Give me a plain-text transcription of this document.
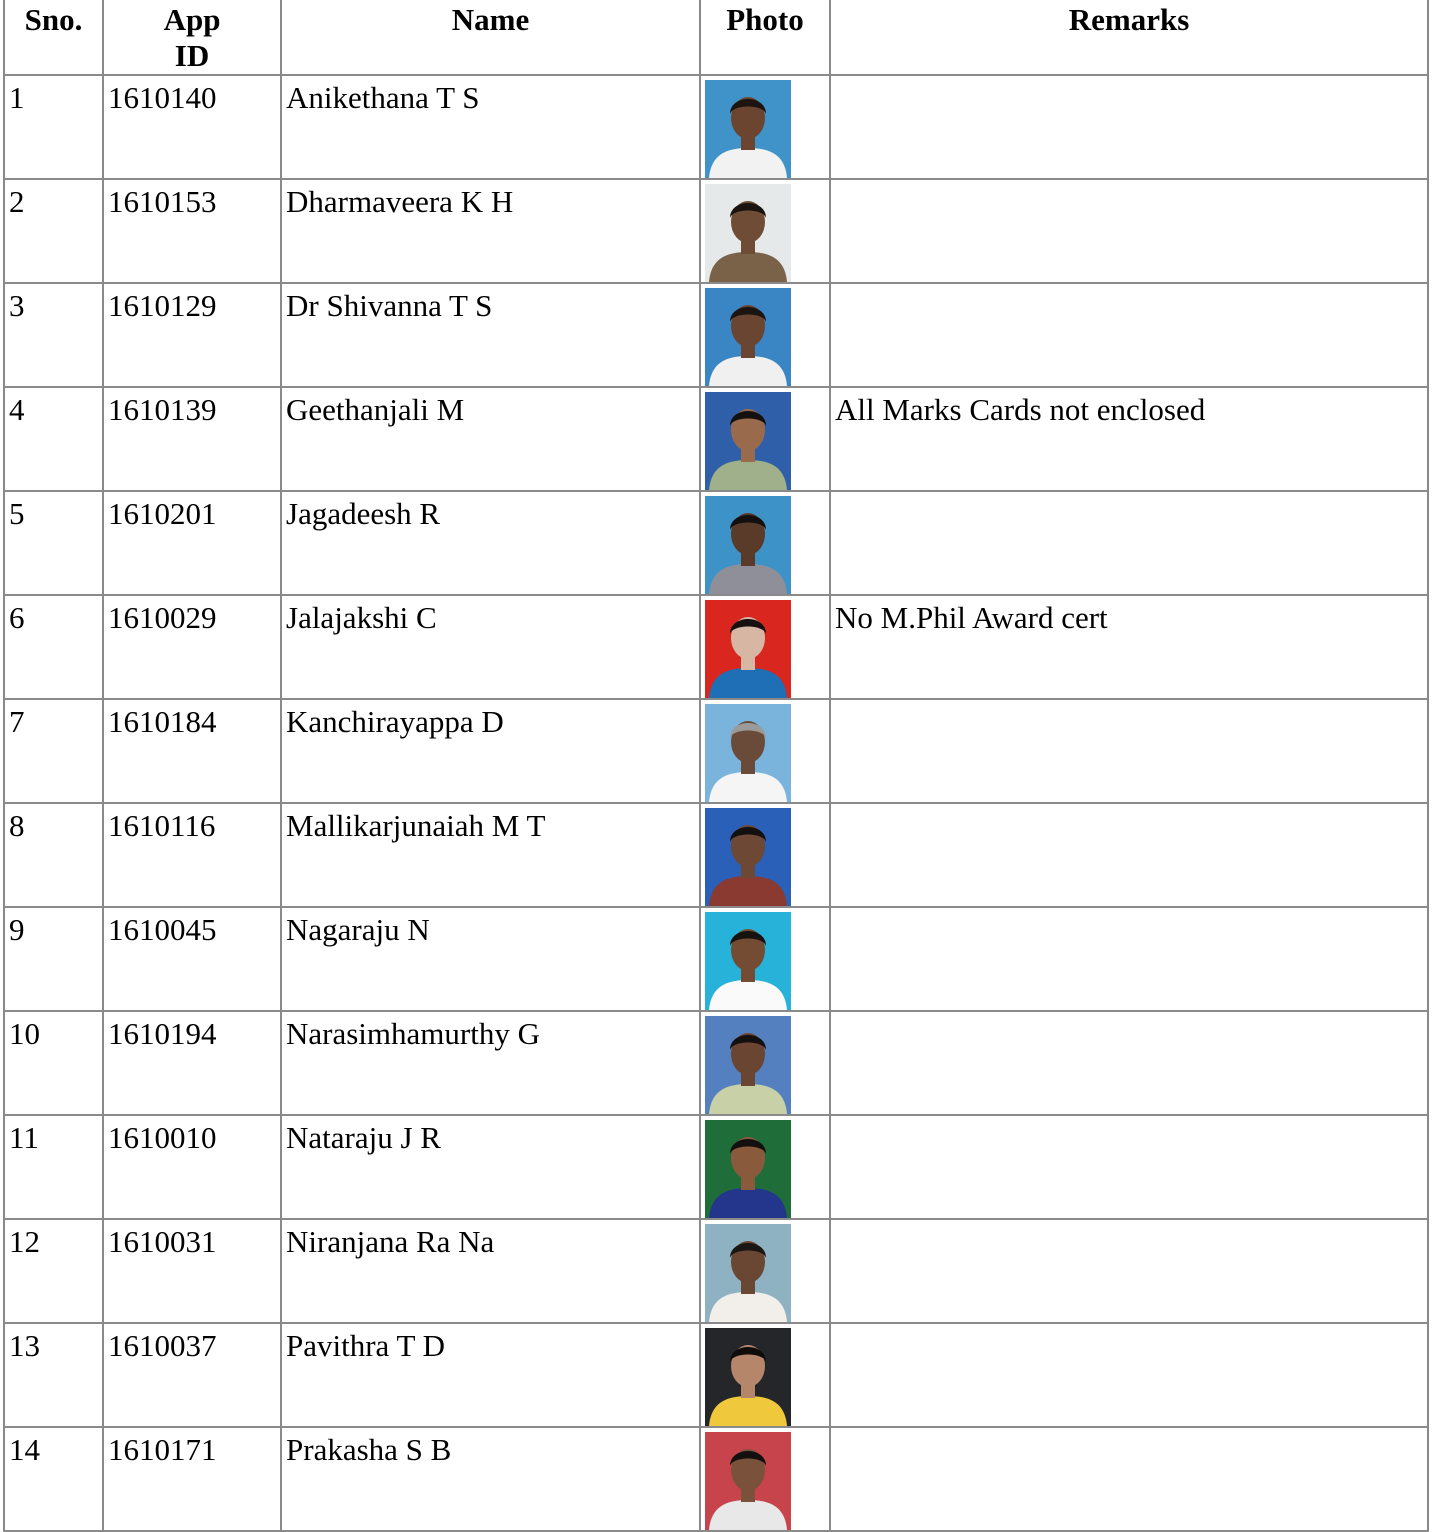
Sno.	App ID	Name	Photo	Remarks
1	1610140	Anikethana T S	

2	1610153	Dharmaveera K H	

3	1610129	Dr Shivanna T S	

4	1610139	Geethanjali M		All Marks Cards not enclosed
5	1610201	Jagadeesh R	

6	1610029	Jalajakshi C		No M.Phil Award cert
7	1610184	Kanchirayappa D	

8	1610116	Mallikarjunaiah M T	

9	1610045	Nagaraju N	

10	1610194	Narasimhamurthy G	

11	1610010	Nataraju J R	

12	1610031	Niranjana Ra Na	

13	1610037	Pavithra T D	

14	1610171	Prakasha S B	
